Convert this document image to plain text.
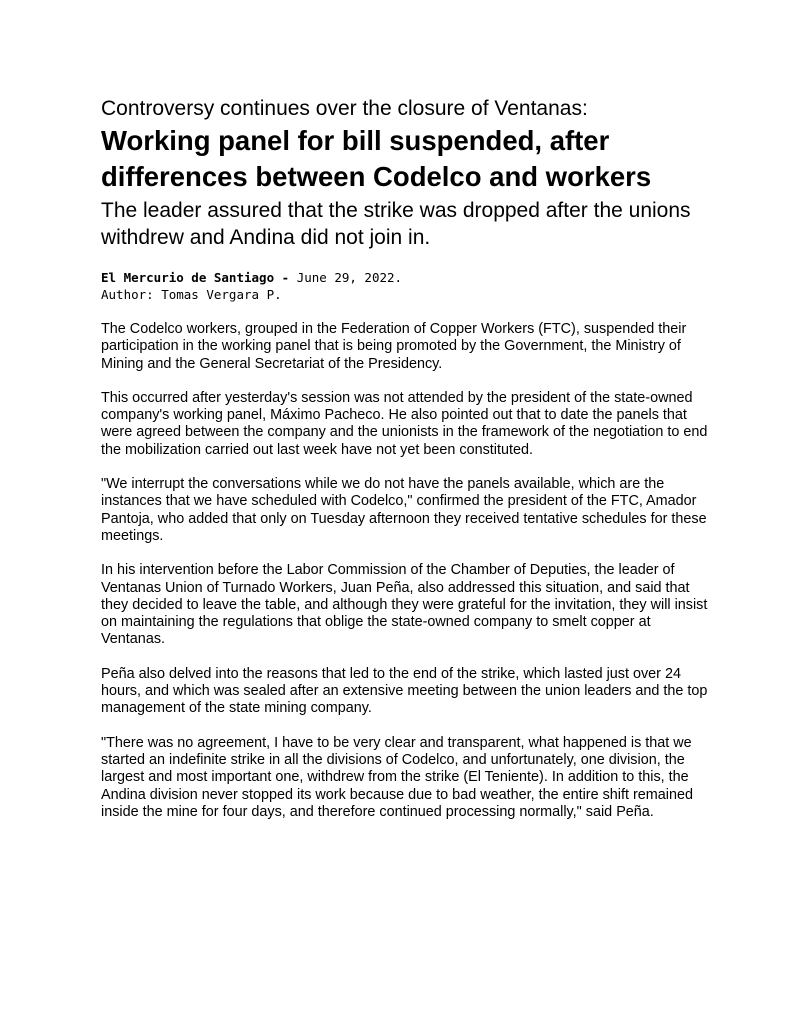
Controversy continues over the closure of Ventanas:
Working panel for bill suspended, after differences between Codelco and workers
The leader assured that the strike was dropped after the unions withdrew and Andina did not join in.
El Mercurio de Santiago - June 29, 2022.
Author: Tomas Vergara P.

The Codelco workers, grouped in the Federation of Copper Workers (FTC), suspended their participation in the working panel that is being promoted by the Government, the Ministry of Mining and the General Secretariat of the Presidency.

This occurred after yesterday's session was not attended by the president of the state-owned company's working panel, Máximo Pacheco. He also pointed out that to date the panels that were agreed between the company and the unionists in the framework of the negotiation to end the mobilization carried out last week have not yet been constituted.

"We interrupt the conversations while we do not have the panels available, which are the instances that we have scheduled with Codelco," confirmed the president of the FTC, Amador Pantoja, who added that only on Tuesday afternoon they received tentative schedules for these meetings.

In his intervention before the Labor Commission of the Chamber of Deputies, the leader of Ventanas Union of Turnado Workers, Juan Peña, also addressed this situation, and said that they decided to leave the table, and although they were grateful for the invitation, they will insist on maintaining the regulations that oblige the state-owned company to smelt copper at Ventanas.

Peña also delved into the reasons that led to the end of the strike, which lasted just over 24 hours, and which was sealed after an extensive meeting between the union leaders and the top management of the state mining company.

"There was no agreement, I have to be very clear and transparent, what happened is that we started an indefinite strike in all the divisions of Codelco, and unfortunately, one division, the largest and most important one, withdrew from the strike (El Teniente). In addition to this, the Andina division never stopped its work because due to bad weather, the entire shift remained inside the mine for four days, and therefore continued processing normally," said Peña.
